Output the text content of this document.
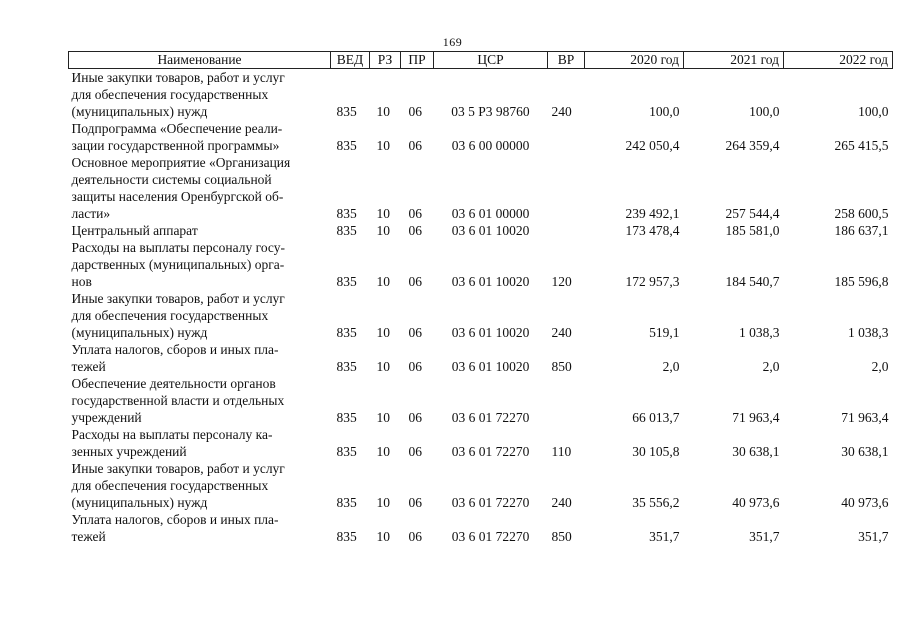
169
Наименование	ВЕД	РЗ	ПР	ЦСР	ВР	2020 год	2021 год	2022 год
Иные закупки товаров, работ и услуг
для обеспечения государственных
(муниципальных) нужд	835	10	06	03 5 P3 98760	240	100,0	100,0	100,0
Подпрограмма «Обеспечение реали-
зации государственной программы»	835	10	06	03 6 00 00000		242 050,4	264 359,4	265 415,5
Основное мероприятие «Организация
деятельности системы социальной
защиты населения Оренбургской об-
ласти»	835	10	06	03 6 01 00000		239 492,1	257 544,4	258 600,5
Центральный аппарат	835	10	06	03 6 01 10020		173 478,4	185 581,0	186 637,1
Расходы на выплаты персоналу госу-
дарственных (муниципальных) орга-
нов	835	10	06	03 6 01 10020	120	172 957,3	184 540,7	185 596,8
Иные закупки товаров, работ и услуг
для обеспечения государственных
(муниципальных) нужд	835	10	06	03 6 01 10020	240	519,1	1 038,3	1 038,3
Уплата налогов, сборов и иных пла-
тежей	835	10	06	03 6 01 10020	850	2,0	2,0	2,0
Обеспечение деятельности органов
государственной власти и отдельных
учреждений	835	10	06	03 6 01 72270		66 013,7	71 963,4	71 963,4
Расходы на выплаты персоналу ка-
зенных учреждений	835	10	06	03 6 01 72270	110	30 105,8	30 638,1	30 638,1
Иные закупки товаров, работ и услуг
для обеспечения государственных
(муниципальных) нужд	835	10	06	03 6 01 72270	240	35 556,2	40 973,6	40 973,6
Уплата налогов, сборов и иных пла-
тежей	835	10	06	03 6 01 72270	850	351,7	351,7	351,7
